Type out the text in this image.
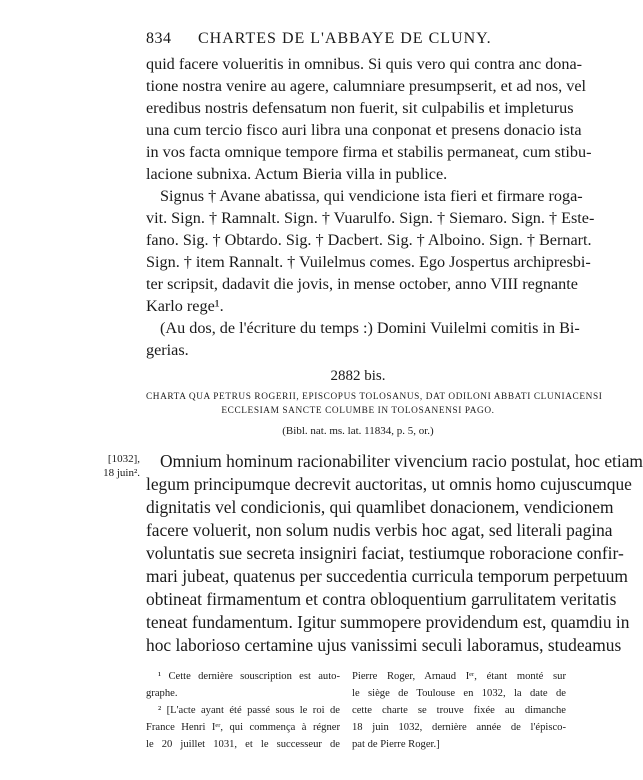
834 CHARTES DE L'ABBAYE DE CLUNY.
quid facere volueritis in omnibus. Si quis vero qui contra anc dona-
tione nostra venire au agere, calumniare presumpserit, et ad nos, vel
eredibus nostris defensatum non fuerit, sit culpabilis et impleturus
una cum tercio fisco auri libra una conponat et presens donacio ista
in vos facta omnique tempore firma et stabilis permaneat, cum stibu-
lacione subnixa. Actum Bieria villa in publice.
Signus † Avane abatissa, qui vendicione ista fieri et firmare roga-
vit. Sign. † Ramnalt. Sign. † Vuarulfo. Sign. † Siemaro. Sign. † Este-
fano. Sig. † Obtardo. Sig. † Dacbert. Sig. † Alboino. Sign. † Bernart.
Sign. † item Rannalt. † Vuilelmus comes. Ego Jospertus archipresbi-
ter scripsit, dadavit die jovis, in mense october, anno VIII regnante
Karlo rege¹.
2882 bis.
CHARTA QUA PETRUS ROGERII, EPISCOPUS TOLOSANUS, DAT ODILONI ABBATI CLUNIACENSI
ECCLESIAM SANCTE COLUMBE IN TOLOSANENSI PAGO.
(Bibl. nat. ms. lat. 11834, p. 5, or.)
[1032],
18 juin².
Omnium hominum racionabiliter vivencium racio postulat, hoc etiam
legum principumque decrevit auctoritas, ut omnis homo cujuscumque
dignitatis vel condicionis, qui quamlibet donacionem, vendicionem
facere voluerit, non solum nudis verbis hoc agat, sed literali pagina
voluntatis sue secreta insigniri faciat, testiumque roboracione confir-
mari jubeat, quatenus per succedentia curricula temporum perpetuum
obtineat firmamentum et contra obloquentium garrulitatem veritatis
teneat fundamentum. Igitur summopere providendum est, quamdiu in
hoc laborioso certamine ujus vanissimi seculi laboramus, studeamus
¹ Cette dernière souscription est auto-
graphe.
² [L'acte ayant été passé sous le roi de
France Henri Iᵉʳ, qui commença à régner
le 20 juillet 1031, et le successeur de
Pierre Roger, Arnaud Iᵉʳ, étant monté sur
le siège de Toulouse en 1032, la date de
cette charte se trouve fixée au dimanche
18 juin 1032, dernière année de l'épisco-
pat de Pierre Roger.]
(Au dos, de l'écriture du temps :) Domini Vuilelmi comitis in Bi-
gerias.
